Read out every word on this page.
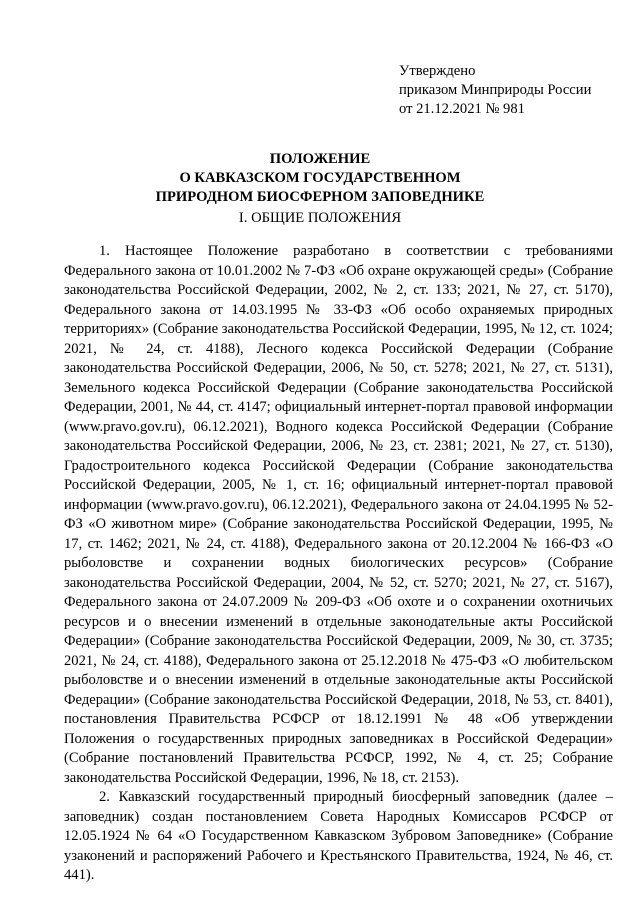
Утверждено
приказом Минприроды России
от 21.12.2021 № 981
ПОЛОЖЕНИЕ
О КАВКАЗСКОМ ГОСУДАРСТВЕННОМ
ПРИРОДНОМ БИОСФЕРНОМ ЗАПОВЕДНИКЕ
I. ОБЩИЕ ПОЛОЖЕНИЯ

1. Настоящее Положение разработано в соответствии с требованиями Федерального закона от 10.01.2002 № 7-ФЗ «Об охране окружающей среды» (Собрание законодательства Российской Федерации, 2002, № 2, ст. 133; 2021, № 27, ст. 5170), Федерального закона от 14.03.1995 № 33-ФЗ «Об особо охраняемых природных территориях» (Собрание законодательства Российской Федерации, 1995, № 12, ст. 1024; 2021, № 24, ст. 4188), Лесного кодекса Российской Федерации (Собрание законодательства Российской Федерации, 2006, № 50, ст. 5278; 2021, № 27, ст. 5131), Земельного кодекса Российской Федерации (Собрание законодательства Российской Федерации, 2001, № 44, ст. 4147; официальный интернет-портал правовой информации (www.pravo.gov.ru), 06.12.2021), Водного кодекса Российской Федерации (Собрание законодательства Российской Федерации, 2006, № 23, ст. 2381; 2021, № 27, ст. 5130), Градостроительного кодекса Российской Федерации (Собрание законодательства Российской Федерации, 2005, № 1, ст. 16; официальный интернет-портал правовой информации (www.pravo.gov.ru), 06.12.2021), Федерального закона от 24.04.1995 № 52-ФЗ «О животном мире» (Собрание законодательства Российской Федерации, 1995, № 17, ст. 1462; 2021, № 24, ст. 4188), Федерального закона от 20.12.2004 № 166-ФЗ «О рыболовстве и сохранении водных биологических ресурсов» (Собрание законодательства Российской Федерации, 2004, № 52, ст. 5270; 2021, № 27, ст. 5167), Федерального закона от 24.07.2009 № 209-ФЗ «Об охоте и о сохранении охотничьих ресурсов и о внесении изменений в отдельные законодательные акты Российской Федерации» (Собрание законодательства Российской Федерации, 2009, № 30, ст. 3735; 2021, № 24, ст. 4188), Федерального закона от 25.12.2018 № 475-ФЗ «О любительском рыболовстве и о внесении изменений в отдельные законодательные акты Российской Федерации» (Собрание законодательства Российской Федерации, 2018, № 53, ст. 8401), постановления Правительства РСФСР от 18.12.1991 № 48 «Об утверждении Положения о государственных природных заповедниках в Российской Федерации» (Собрание постановлений Правительства РСФСР, 1992, № 4, ст. 25; Собрание законодательства Российской Федерации, 1996, № 18, ст. 2153).

2. Кавказский государственный природный биосферный заповедник (далее – заповедник) создан постановлением Совета Народных Комиссаров РСФСР от 12.05.1924 № 64 «О Государственном Кавказском Зубровом Заповеднике» (Собрание узаконений и распоряжений Рабочего и Крестьянского Правительства, 1924, № 46, ст. 441).
